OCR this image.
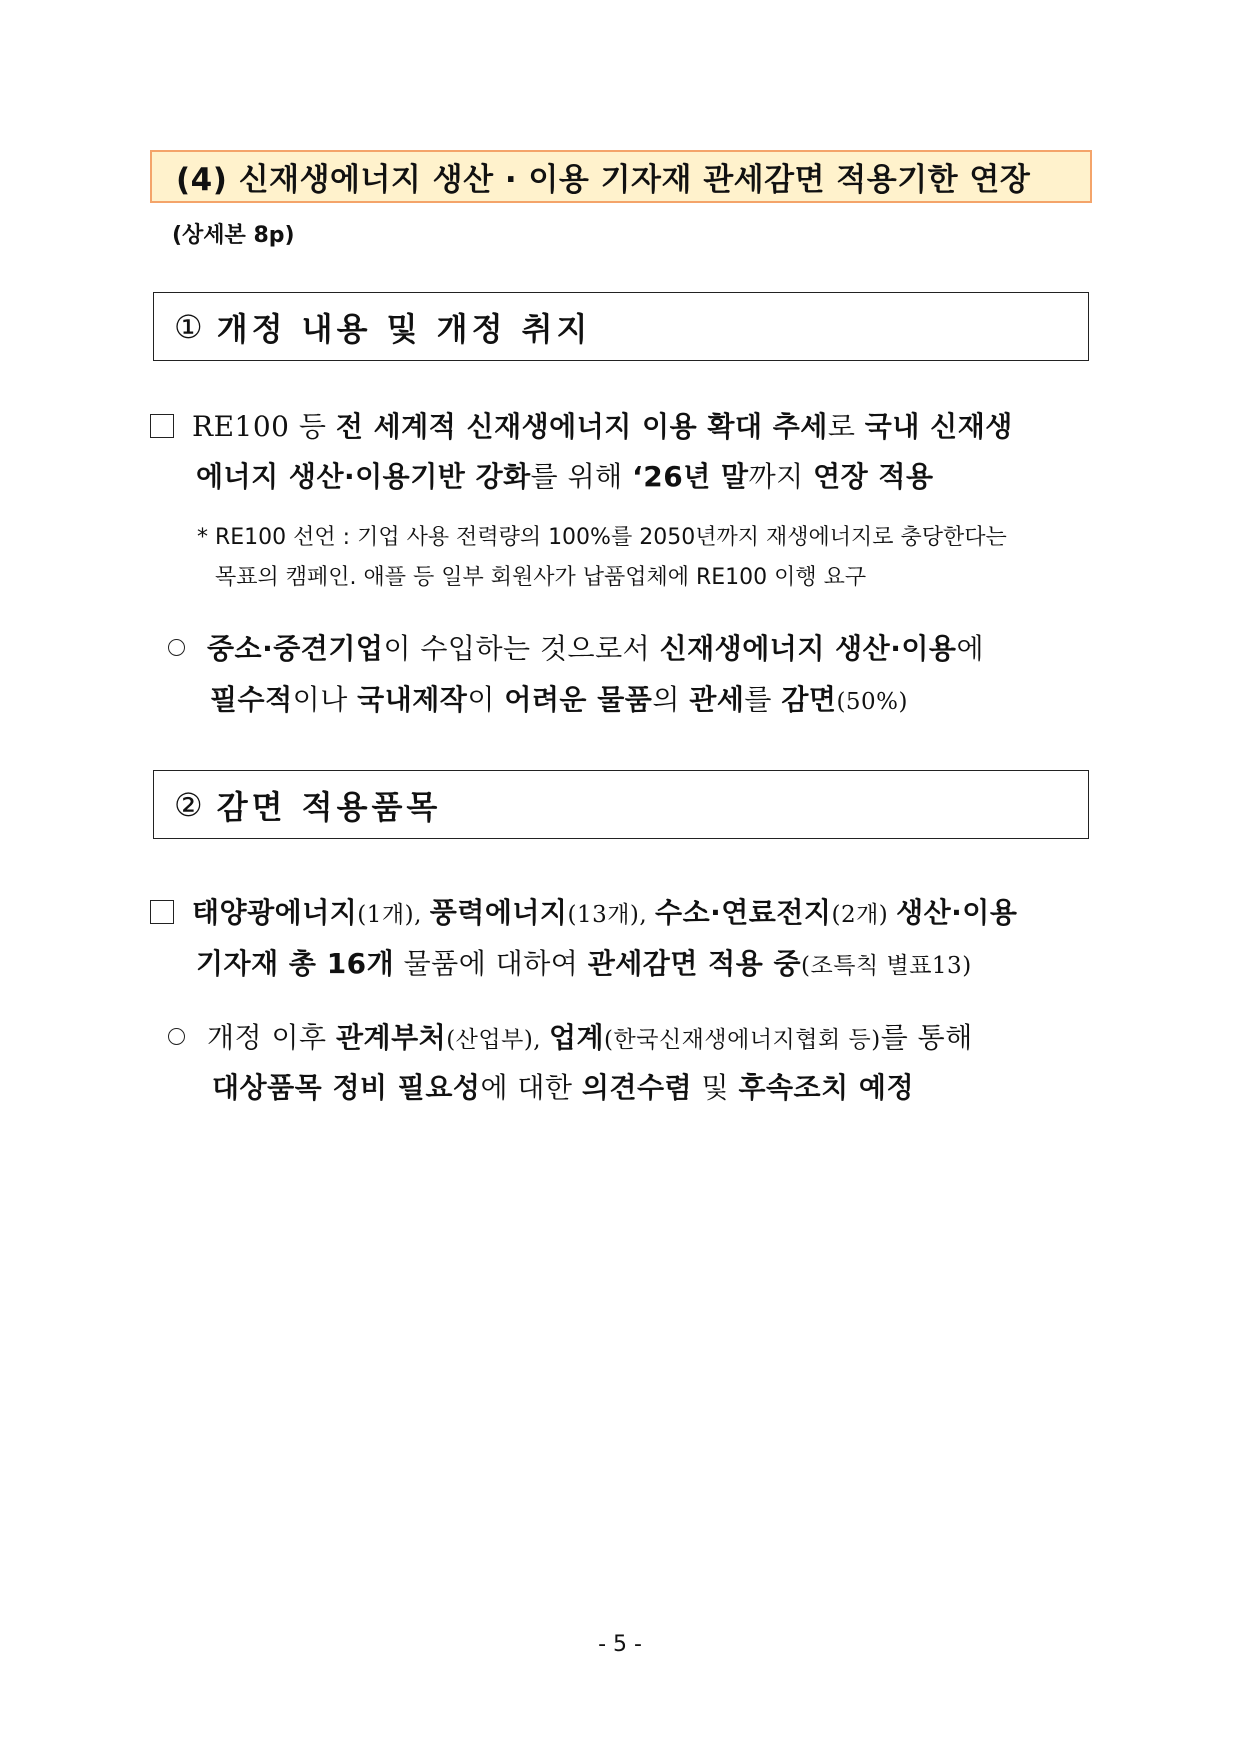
(4) 신재생에너지 생산 · 이용 기자재 관세감면 적용기한 연장
(상세본 8p)
① 개정 내용 및 개정 취지
RE100 등 전 세계적 신재생에너지 이용 확대 추세로 국내 신재생
에너지 생산·이용기반 강화를 위해 ‘26년 말까지 연장 적용
* RE100 선언 : 기업 사용 전력량의 100%를 2050년까지 재생에너지로 충당한다는
목표의 캠페인. 애플 등 일부 회원사가 납품업체에 RE100 이행 요구
중소·중견기업이 수입하는 것으로서 신재생에너지 생산·이용에
필수적이나 국내제작이 어려운 물품의 관세를 감면(50%)
② 감면 적용품목
태양광에너지(1개), 풍력에너지(13개), 수소·연료전지(2개) 생산·이용
기자재 총 16개 물품에 대하여 관세감면 적용 중(조특칙 별표13)
개정 이후 관계부처(산업부), 업계(한국신재생에너지협회 등)를 통해
대상품목 정비 필요성에 대한 의견수렴 및 후속조치 예정
- 5 -
